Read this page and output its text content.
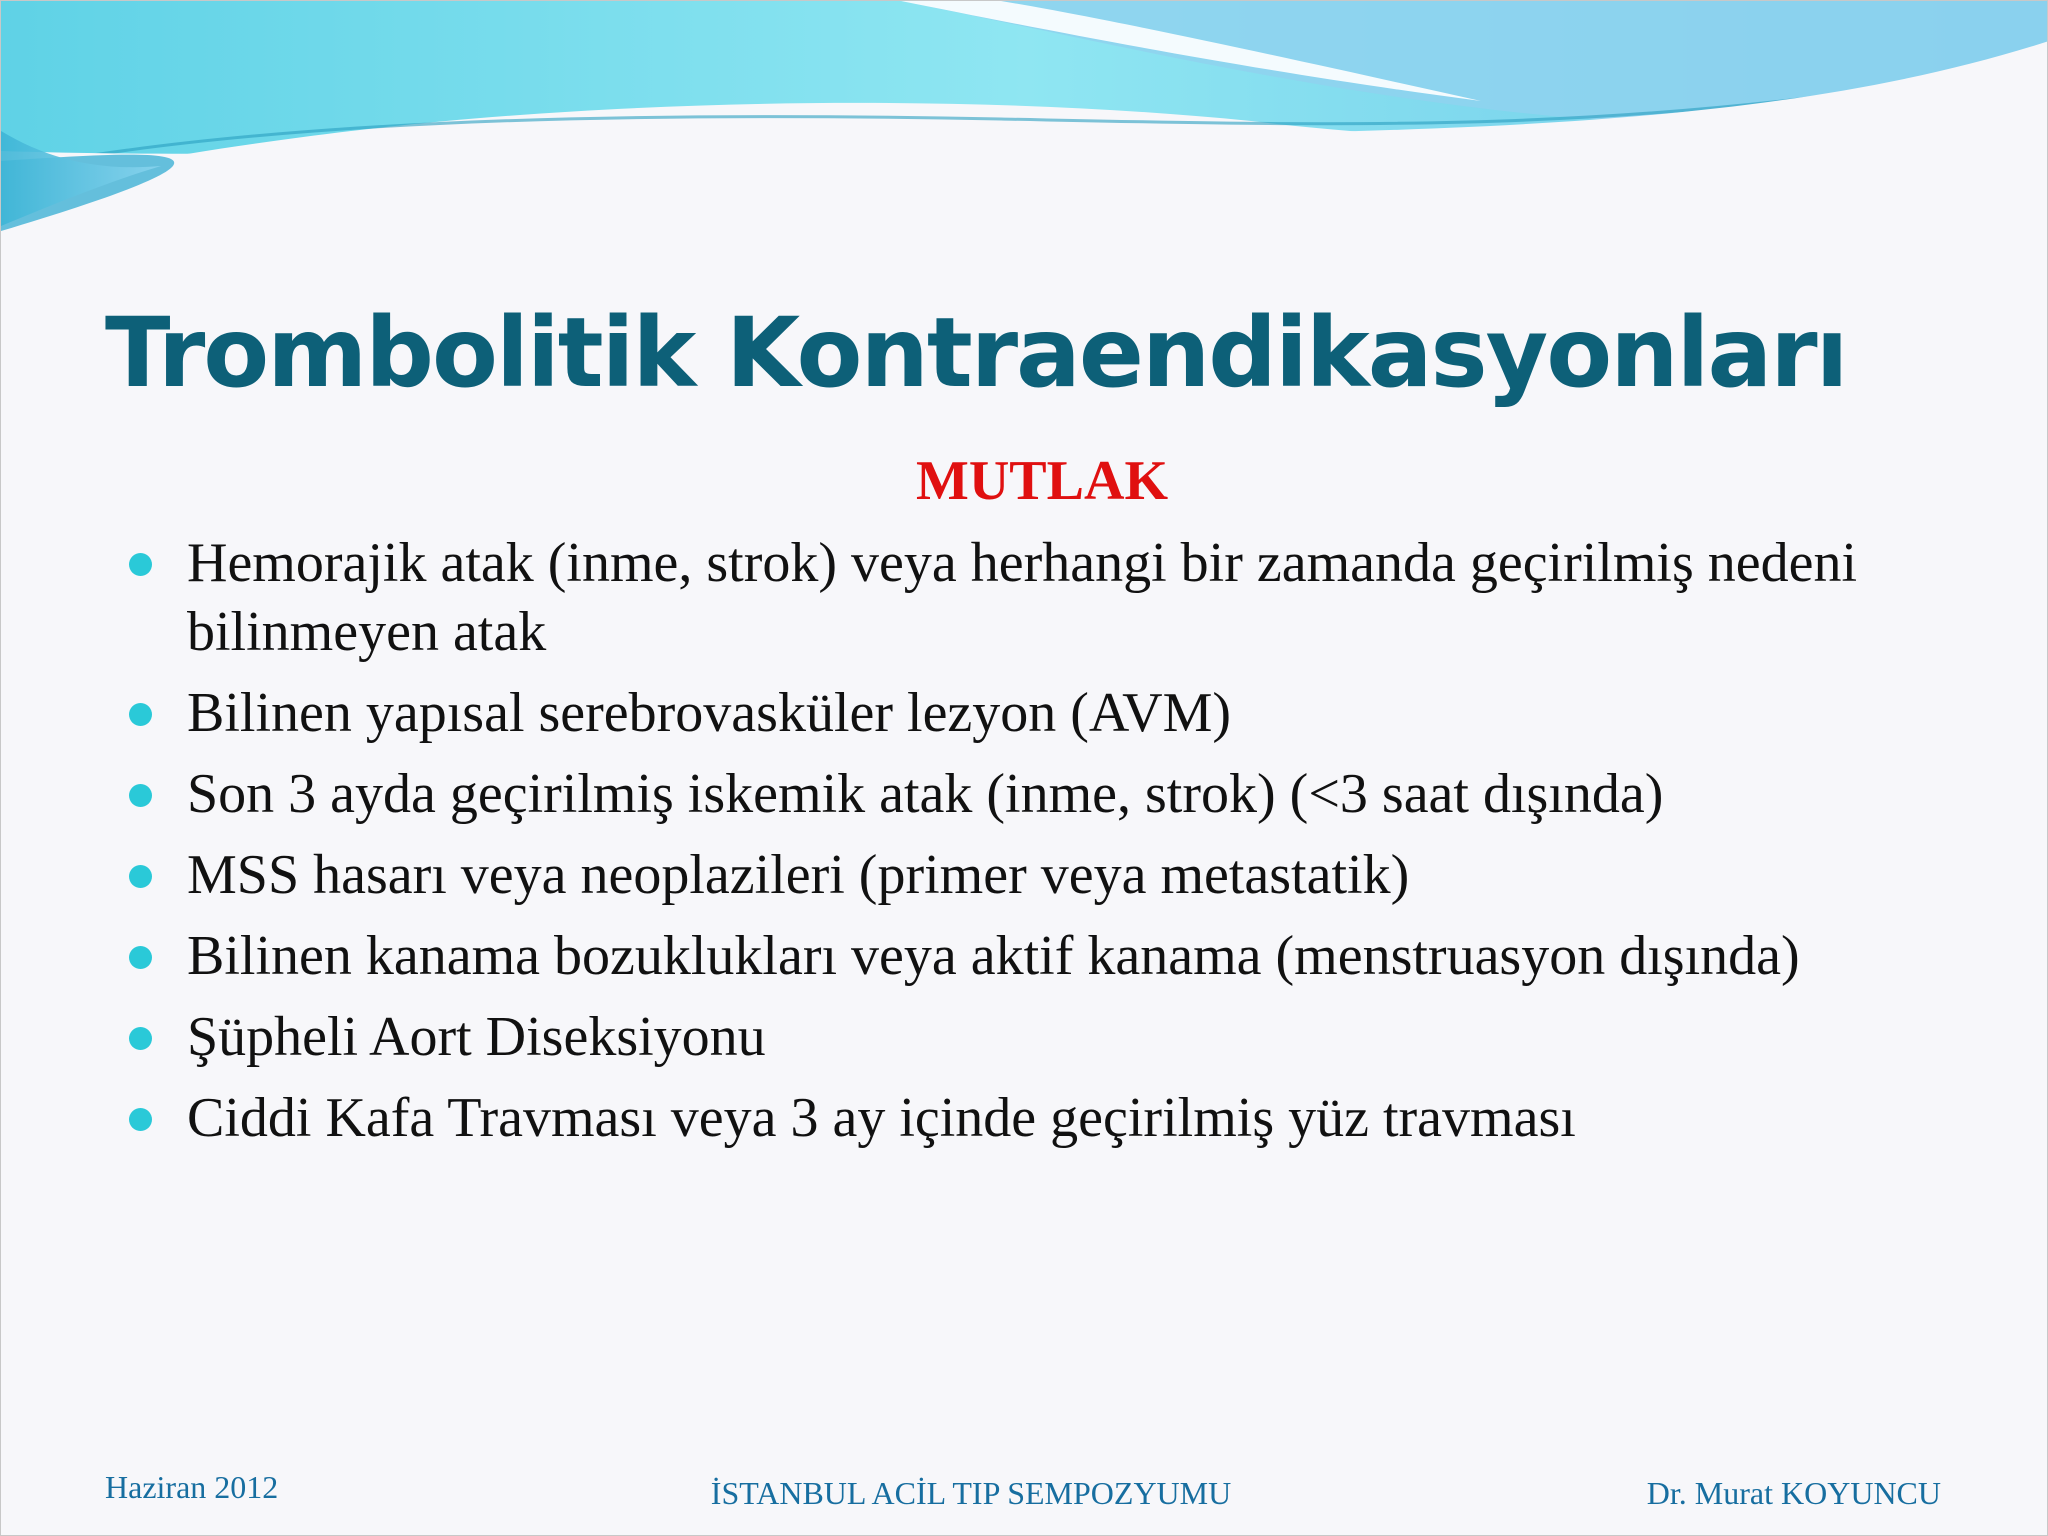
Trombolitik Kontraendikasyonları
MUTLAK
Hemorajik atak (inme, strok) veya herhangi bir zamanda geçirilmiş nedeni bilinmeyen atak
Bilinen yapısal serebrovasküler lezyon (AVM)
Son 3 ayda geçirilmiş iskemik atak (inme, strok) (<3 saat dışında)
MSS hasarı veya neoplazileri (primer veya metastatik)
Bilinen kanama bozuklukları veya aktif kanama (menstruasyon dışında)
Şüpheli Aort Diseksiyonu
Ciddi Kafa Travması veya 3 ay içinde geçirilmiş yüz travması
Haziran 2012	İSTANBUL ACİL TIP SEMPOZYUMU	Dr. Murat KOYUNCU
